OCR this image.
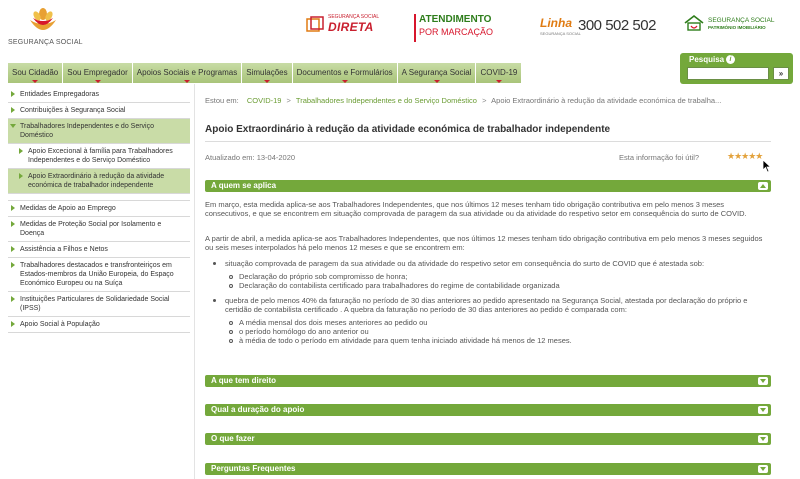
SEGURANÇA SOCIAL
SEGURANÇA SOCIAL
DIRETA
ATENDIMENTO
POR MARCAÇÃO
Linha
SEGURANÇA SOCIAL
300 502 502	SEGURANÇA SOCIAL
PATRIMÓNIO IMOBILIÁRIO
Sou Cidadão	Sou Empregador	Apoios Sociais e Programas	Simulações	Documentos e Formulários	A Segurança Social	COVID-19
Pesquisa i
»
Entidades Empregadoras
Contribuições à Segurança Social
Trabalhadores Independentes e do Serviço Doméstico
Apoio Excecional à família para Trabalhadores Independentes e do Serviço Doméstico
Apoio Extraordinário à redução da atividade económica de trabalhador independente
Medidas de Apoio ao Emprego
Medidas de Proteção Social por Isolamento e Doença
Assistência a Filhos e Netos
Trabalhadores destacados e transfronteiriços em Estados-membros da União Europeia, do Espaço Económico Europeu ou na Suíça
Instituições Particulares de Solidariedade Social (IPSS)
Apoio Social à População
Estou em: COVID-19 > Trabalhadores Independentes e do Serviço Doméstico > Apoio Extraordinário à redução da atividade económica de trabalha...
Apoio Extraordinário à redução da atividade económica de trabalhador independente
Atualizado em: 13-04-2020	Esta informação foi útil?	★★★★★
A quem se aplica
Em março, esta medida aplica-se aos Trabalhadores Independentes, que nos últimos 12 meses tenham tido obrigação contributiva em pelo menos 3 meses consecutivos, e que se encontrem em situação comprovada de paragem da sua atividade ou da atividade do respetivo setor em consequência do surto de COVID.
A partir de abril, a medida aplica-se aos Trabalhadores Independentes, que nos últimos 12 meses tenham tido obrigação contributiva em pelo menos 3 meses seguidos ou seis meses interpolados há pelo menos 12 meses e que se encontrem em:
situação comprovada de paragem da sua atividade ou da atividade do respetivo setor em consequência do surto de COVID que é atestada sob:
Declaração do próprio sob compromisso de honra;
Declaração do contabilista certificado para trabalhadores do regime de contabilidade organizada
quebra de pelo menos 40% da faturação no período de 30 dias anteriores ao pedido apresentado na Segurança Social, atestada por declaração do próprio e certidão de contabilista certificado . A quebra da faturação no período de 30 dias anteriores ao pedido é comparada com:
A média mensal dos dois meses anteriores ao pedido ou
o período homólogo do ano anterior ou
à média de todo o período em atividade para quem tenha iniciado atividade há menos de 12 meses.
A que tem direito
Qual a duração do apoio
O que fazer
Perguntas Frequentes
